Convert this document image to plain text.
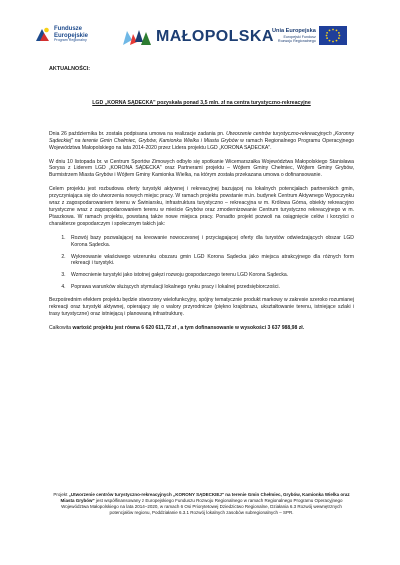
Fundusze
Europejskie
Program Regionalny	MAŁOPOLSKA
Unia Europejska
Europejski Fundusz
Rozwoju Regionalnego
AKTUALNOŚCI:
LGD „KORNA SĄDECKA" pozyskała ponad 3,5 mln. zł na centra turystyczno-rekreacyjne

Dnia 26 października br. została podpisana umowa na realizacje zadania pn. Utworzenie centrów turystyczno-rekreacyjnych „Koronny Sądeckiej" na terenie Gmin Chełmiec, Grybów, Kamionka Wielka i Miasta Grybów w ramach Regionalnego Programu Operacyjnego Województwa Małopolskiego na lata 2014-2020 przez Lidera projektu LGD „KORONA SĄDECKA".

W dniu 10 listopada br. w Centrum Sportów Zimowych odbyło się spotkanie Wicemarszałka Województwa Małopolskiego Stanisława Sorysa z Liderem LGD „KORONA SĄDECKA" oraz Partnerami projektu – Wójtem Gminy Chełmiec, Wójtem Gminy Grybów, Burmistrzem Miasta Grybów i Wójtem Gminy Kamionka Wielka, na którym została przekazana umowa o dofinansowanie.

Celem projektu jest rozbudowa oferty turystyki aktywnej i rekreacyjnej bazującej na lokalnych potencjałach partnerskich gmin, przyczyniająca się do utworzenia nowych miejsc pracy. W ramach projektu powstanie m.in. budynek Centrum Aktywnego Wypoczynku wraz z zagospodarowaniem terenu w Świniarsku, infrastruktura turystyczno – rekreacyjna w m. Królowa Górna, obiekty rekreacyjno turystyczne wraz z zagospodarowaniem terenu w mieście Grybów oraz zmodernizowanie Centrum turystyczno rekreacyjnego w m. Ptaszkowa. W ramach projektu, powstaną także nowe miejsca pracy. Ponadto projekt pozwoli na osiągnięcie celów i korzyści o charakterze gospodarczym i społecznym takich jak:

1. Rozwój bazy pozwalającej na kreowanie nowoczesnej i przyciągającej oferty dla turystów odwiedzających obszar LGD Korona Sądecka.
2. Wykreowanie właściwego wizerunku obszaru gmin LGD Korona Sądecka jako miejsca atrakcyjnego dla różnych form rekreacji i turystyki.
3. Wzmocnienie turystyki jako istotnej gałęzi rozwoju gospodarczego terenu LGD Korona Sądecka.
4. Poprawa warunków służących stymulacji lokalnego rynku pracy i lokalnej przedsiębiorczości.

Bezpośrednim efektem projektu będzie stworzony wielofunkcyjny, spójny tematycznie produkt markowy w zakresie szeroko rozumianej rekreacji oraz turystyki aktywnej, opierający się o walory przyrodnicze (piękno krajobrazu, ukształtowanie terenu, istniejące szlaki i trasy turystyczne) oraz istniejącą i planowaną infrastrukturę.

Całkowita wartość projektu jest równa 6 620 611,72 zł , a tym dofinansowanie w wysokości 3 637 988,98 zł.

Projekt „Utworzenie centrów turystyczno-rekreacyjnych „KORONY SĄDECKIEJ" na terenie Gmin Chełmiec, Grybów, Kamionka Wielka oraz Miasta Grybów" jest współfinansowany z Europejskiego Funduszu Rozwoju Regionalnego w ramach Regionalnego Programu Operacyjnego Województwa Małopolskiego na lata 2014–2020, w ramach 6 Osi Priorytetowej Dziedzictwo Regionalne, Działania 6.3 Rozwój wewnętrznych potencjałów regionu, Poddziałanie 6.3.1 Rozwój lokalnych zasobów subregionalnych – SPR.
